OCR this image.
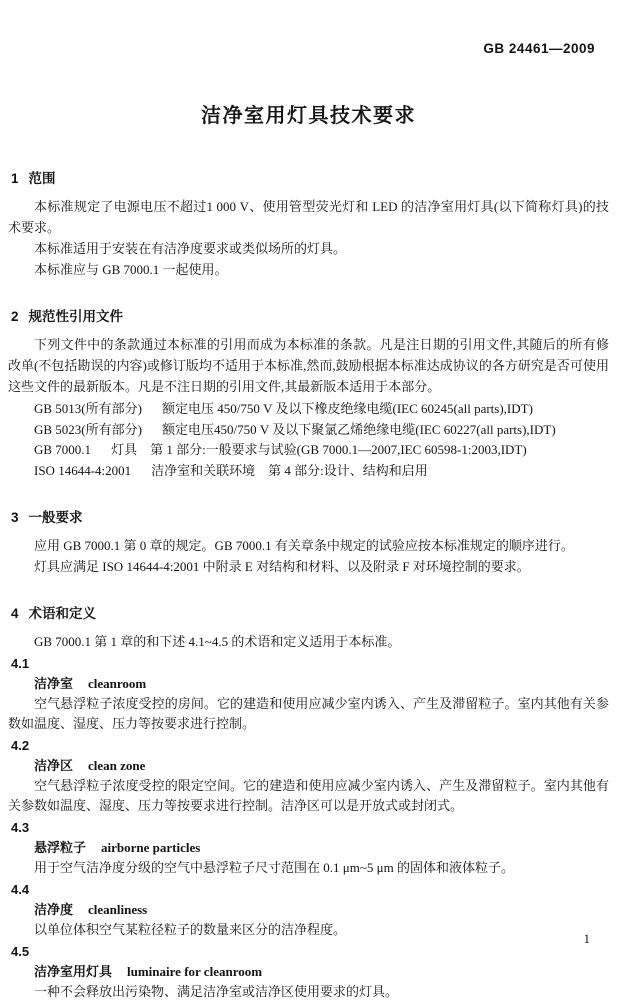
GB 24461—2009
洁净室用灯具技术要求
1 范围

本标准规定了电源电压不超过1 000 V、使用管型荧光灯和 LED 的洁净室用灯具(以下简称灯具)的技术要求。

本标准适用于安装在有洁净度要求或类似场所的灯具。

本标准应与 GB 7000.1 一起使用。

2 规范性引用文件

下列文件中的条款通过本标准的引用而成为本标准的条款。凡是注日期的引用文件,其随后的所有修改单(不包括勘误的内容)或修订版均不适用于本标准,然而,鼓励根据本标准达成协议的各方研究是否可使用这些文件的最新版本。凡是不注日期的引用文件,其最新版本适用于本部分。

GB 5013(所有部分) 额定电压 450/750 V 及以下橡皮绝缘电缆(IEC 60245(all parts),IDT)
GB 5023(所有部分) 额定电压450/750 V 及以下聚氯乙烯绝缘电缆(IEC 60227(all parts),IDT)
GB 7000.1 灯具　第 1 部分:一般要求与试验(GB 7000.1—2007,IEC 60598-1:2003,IDT)
ISO 14644-4:2001 洁净室和关联环境　第 4 部分:设计、结构和启用
3 一般要求

应用 GB 7000.1 第 0 章的规定。GB 7000.1 有关章条中规定的试验应按本标准规定的顺序进行。

灯具应满足 ISO 14644-4:2001 中附录 E 对结构和材料、以及附录 F 对环境控制的要求。

4 术语和定义

GB 7000.1 第 1 章的和下述 4.1~4.5 的术语和定义适用于本标准。

4.1
洁净室 cleanroom

空气悬浮粒子浓度受控的房间。它的建造和使用应减少室内诱入、产生及滞留粒子。室内其他有关参数如温度、湿度、压力等按要求进行控制。

4.2
洁净区 clean zone

空气悬浮粒子浓度受控的限定空间。它的建造和使用应减少室内诱入、产生及滞留粒子。室内其他有关参数如温度、湿度、压力等按要求进行控制。洁净区可以是开放式或封闭式。

4.3
悬浮粒子 airborne particles

用于空气洁净度分级的空气中悬浮粒子尺寸范围在 0.1 μm~5 μm 的固体和液体粒子。

4.4
洁净度 cleanliness

以单位体积空气某粒径粒子的数量来区分的洁净程度。

4.5
洁净室用灯具 luminaire for cleanroom

一种不会释放出污染物、满足洁净室或洁净区使用要求的灯具。

1
